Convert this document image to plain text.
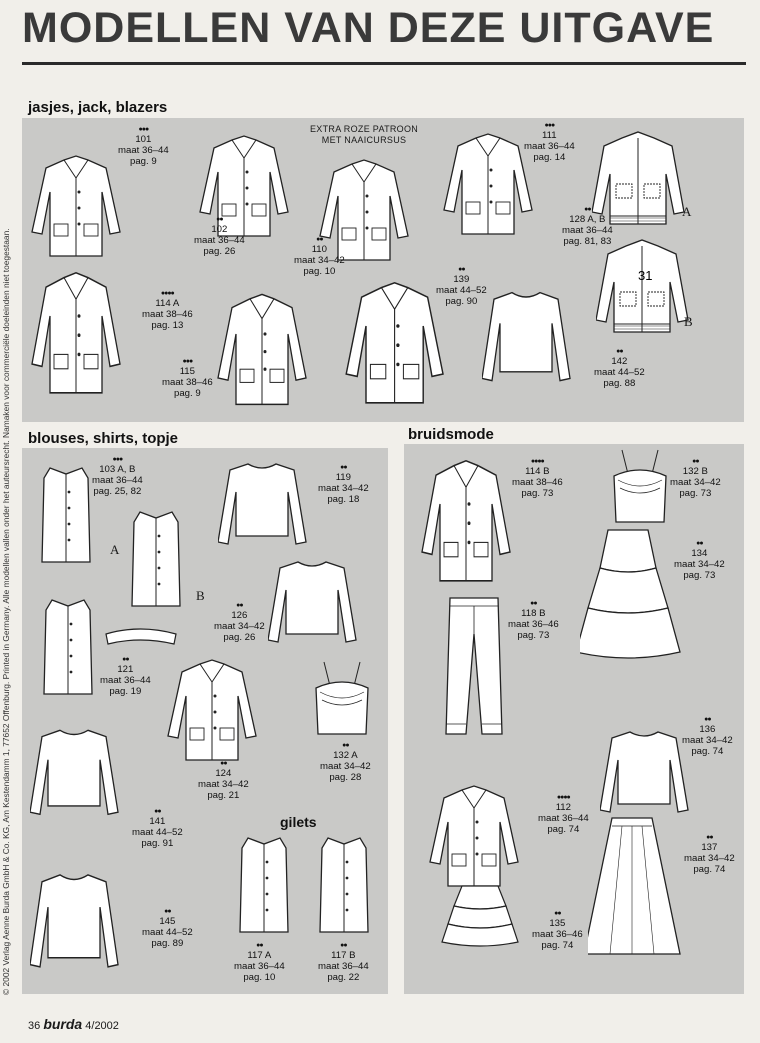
MODELLEN VAN DEZE UITGAVE
© 2002 Verlag Aenne Burda GmbH & Co. KG, Am Kestendamm 1, 77652 Offenburg. Printed in Germany. Alle modellen vallen onder het auteursrecht. Namaken voor commerciële doeleinden niet toegestaan.
jasjes, jack, blazers
EXTRA ROZE PATROON
MET NAAICURSUS
31
A
B
●●●
101
maat 36–44
pag. 9
●●
102
maat 36–44
pag. 26
●●
110
maat 34–42
pag. 10
●●●
111
maat 36–44
pag. 14
●●
128 A, B
maat 36–44
pag. 81, 83
●●●●
114 A
maat 38–46
pag. 13
●●●
115
maat 38–46
pag. 9
●●
139
maat 44–52
pag. 90
●●
142
maat 44–52
pag. 88
blouses, shirts, topje	bruidsmode
A
B
gilets
●●●
103 A, B
maat 36–44
pag. 25, 82
●●
119
maat 34–42
pag. 18
●●
126
maat 34–42
pag. 26
●●
121
maat 36–44
pag. 19
●●
132 A
maat 34–42
pag. 28
●●
124
maat 34–42
pag. 21
●●
141
maat 44–52
pag. 91
●●
145
maat 44–52
pag. 89	●●
117 A
maat 36–44
pag. 10
●●
117 B
maat 36–44
pag. 22
●●●●
114 B
maat 38–46
pag. 73
●●
132 B
maat 34–42
pag. 73
●●
134
maat 34–42
pag. 73
●●
118 B
maat 36–46
pag. 73
●●
136
maat 34–42
pag. 74
●●●●
112
maat 36–44
pag. 74
●●
137
maat 34–42
pag. 74
●●
135
maat 36–46
pag. 74
36 burda 4/2002
